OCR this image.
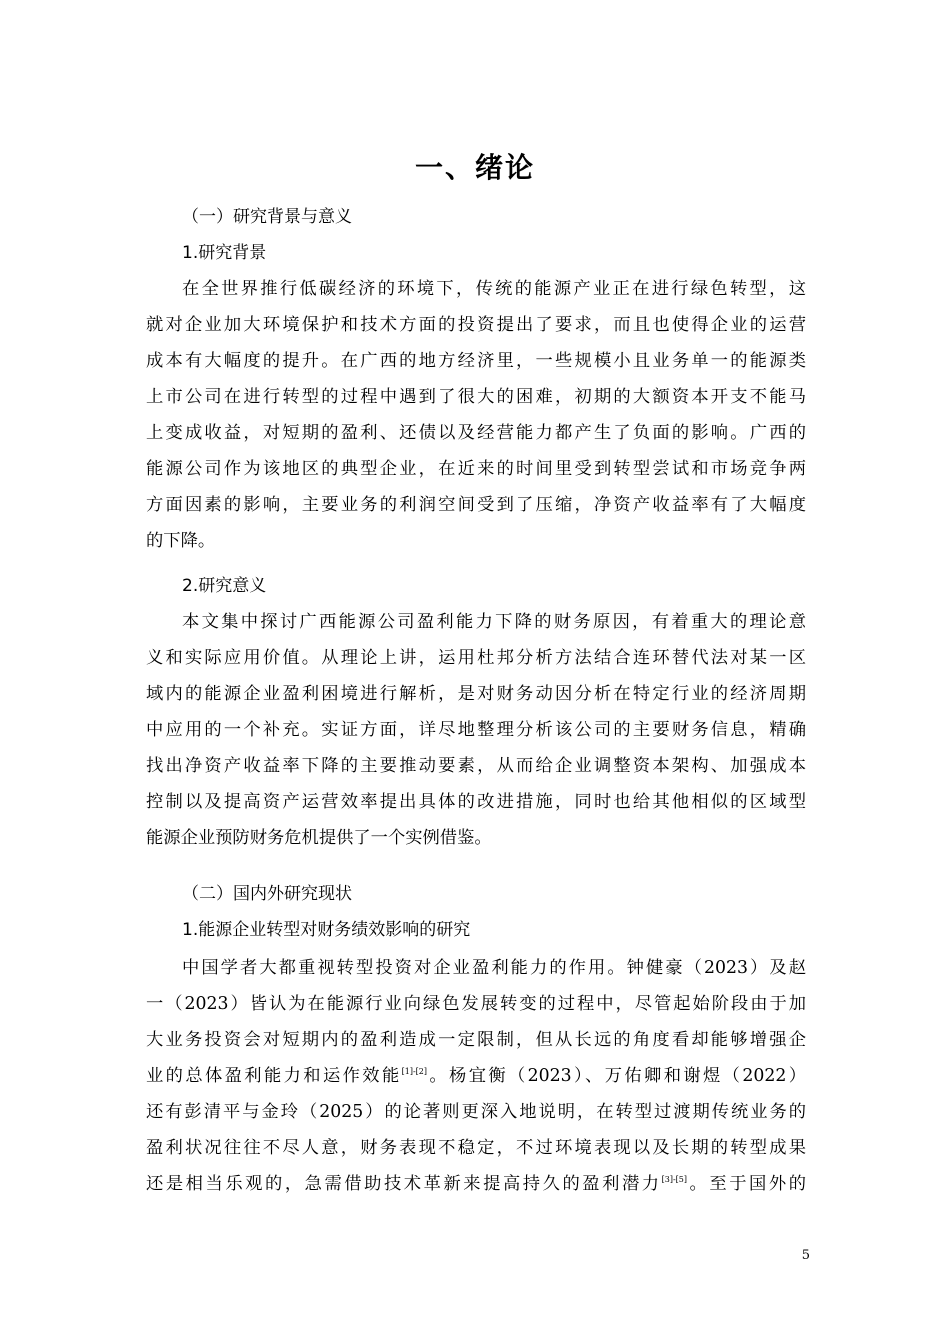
一、绪论
（一）研究背景与意义
1.研究背景
在全世界推行低碳经济的环境下，传统的能源产业正在进行绿色转型，这
就对企业加大环境保护和技术方面的投资提出了要求，而且也使得企业的运营
成本有大幅度的提升。在广西的地方经济里，一些规模小且业务单一的能源类
上市公司在进行转型的过程中遇到了很大的困难，初期的大额资本开支不能马
上变成收益，对短期的盈利、还债以及经营能力都产生了负面的影响。广西的
能源公司作为该地区的典型企业，在近来的时间里受到转型尝试和市场竞争两
方面因素的影响，主要业务的利润空间受到了压缩，净资产收益率有了大幅度
的下降。
2.研究意义
本文集中探讨广西能源公司盈利能力下降的财务原因，有着重大的理论意
义和实际应用价值。从理论上讲，运用杜邦分析方法结合连环替代法对某一区
域内的能源企业盈利困境进行解析，是对财务动因分析在特定行业的经济周期
中应用的一个补充。实证方面，详尽地整理分析该公司的主要财务信息，精确
找出净资产收益率下降的主要推动要素，从而给企业调整资本架构、加强成本
控制以及提高资产运营效率提出具体的改进措施，同时也给其他相似的区域型
能源企业预防财务危机提供了一个实例借鉴。
（二）国内外研究现状
1.能源企业转型对财务绩效影响的研究
中国学者大都重视转型投资对企业盈利能力的作用。钟健豪（2023）及赵
一（2023）皆认为在能源行业向绿色发展转变的过程中，尽管起始阶段由于加
大业务投资会对短期内的盈利造成一定限制，但从长远的角度看却能够增强企
业的总体盈利能力和运作效能[1]-[2]。杨宜衡（2023）、万佑卿和谢煜（2022）
还有彭清平与金玲（2025）的论著则更深入地说明，在转型过渡期传统业务的
盈利状况往往不尽人意，财务表现不稳定，不过环境表现以及长期的转型成果
还是相当乐观的，急需借助技术革新来提高持久的盈利潜力[3]-[5]。至于国外的
5
